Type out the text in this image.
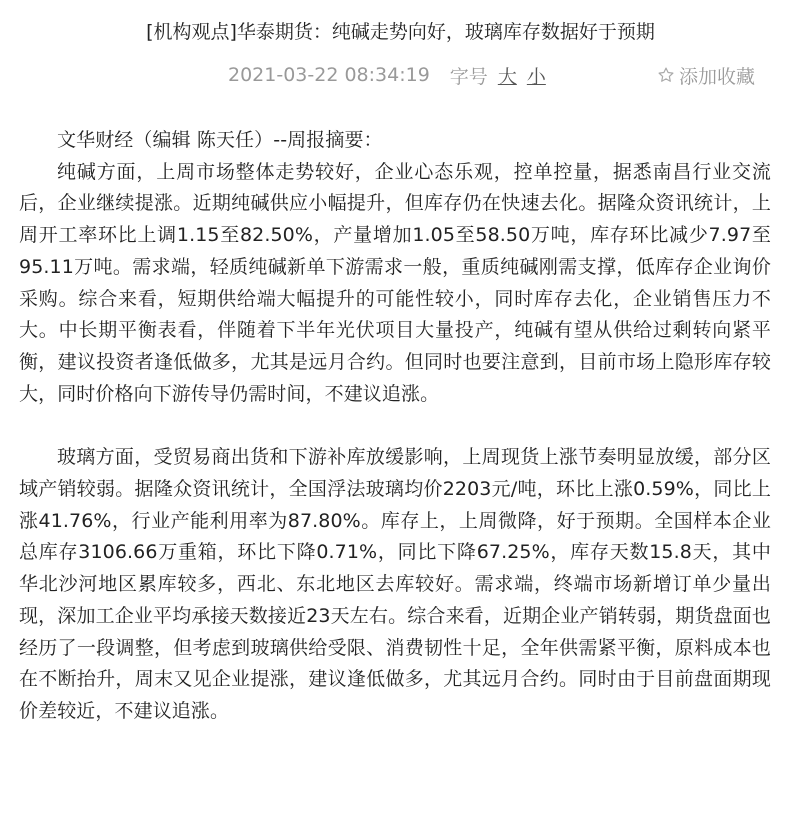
[机构观点]华泰期货：纯碱走势向好，玻璃库存数据好于预期
2021-03-22 08:34:19 字号 大 小	添加收藏

文华财经（编辑 陈天任）--周报摘要：

纯碱方面，上周市场整体走势较好，企业心态乐观，控单控量，据悉南昌行业交流后，企业继续提涨。近期纯碱供应小幅提升，但库存仍在快速去化。据隆众资讯统计，上周开工率环比上调1.15至82.50%，产量增加1.05至58.50万吨，库存环比减少7.97至95.11万吨。需求端，轻质纯碱新单下游需求一般，重质纯碱刚需支撑，低库存企业询价采购。综合来看，短期供给端大幅提升的可能性较小，同时库存去化，企业销售压力不大。中长期平衡表看，伴随着下半年光伏项目大量投产，纯碱有望从供给过剩转向紧平衡，建议投资者逢低做多，尤其是远月合约。但同时也要注意到，目前市场上隐形库存较大，同时价格向下游传导仍需时间，不建议追涨。

玻璃方面，受贸易商出货和下游补库放缓影响，上周现货上涨节奏明显放缓，部分区域产销较弱。据隆众资讯统计，全国浮法玻璃均价2203元/吨，环比上涨0.59%，同比上涨41.76%，行业产能利用率为87.80%。库存上，上周微降，好于预期。全国样本企业总库存3106.66万重箱，环比下降0.71%，同比下降67.25%，库存天数15.8天，其中华北沙河地区累库较多，西北、东北地区去库较好。需求端，终端市场新增订单少量出现，深加工企业平均承接天数接近23天左右。综合来看，近期企业产销转弱，期货盘面也经历了一段调整，但考虑到玻璃供给受限、消费韧性十足，全年供需紧平衡，原料成本也在不断抬升，周末又见企业提涨，建议逢低做多，尤其远月合约。同时由于目前盘面期现价差较近，不建议追涨。
